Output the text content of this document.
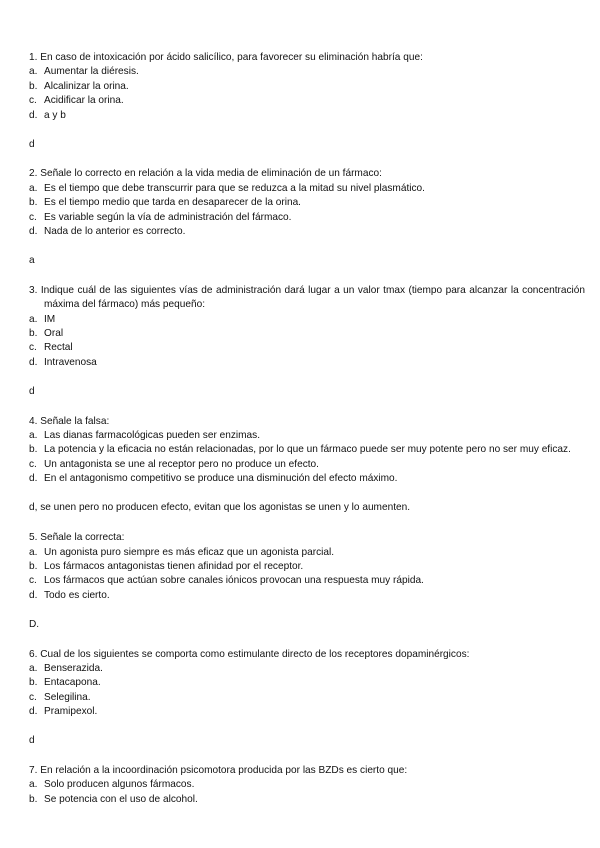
1. En caso de intoxicación por ácido salicílico, para favorecer su eliminación habría que:
a. Aumentar la diéresis.
b. Alcalinizar la orina.
c. Acidificar la orina.
d. a y b
d
2. Señale lo correcto en relación a la vida media de eliminación de un fármaco:
a. Es el tiempo que debe transcurrir para que se reduzca a la mitad su nivel plasmático.
b. Es el tiempo medio que tarda en desaparecer de la orina.
c. Es variable según la vía de administración del fármaco.
d. Nada de lo anterior es correcto.
a
3. Indique cuál de las siguientes vías de administración dará lugar a un valor tmax (tiempo para alcanzar la concentración máxima del fármaco) más pequeño:
a. IM
b. Oral
c. Rectal
d. Intravenosa
d
4. Señale la falsa:
a. Las dianas farmacológicas pueden ser enzimas.
b. La potencia y la eficacia no están relacionadas, por lo que un fármaco puede ser muy potente pero no ser muy eficaz.
c. Un antagonista se une al receptor pero no produce un efecto.
d. En el antagonismo competitivo se produce una disminución del efecto máximo.
d, se unen pero no producen efecto, evitan que los agonistas se unen y lo aumenten.
5. Señale la correcta:
a. Un agonista puro siempre es más eficaz que un agonista parcial.
b. Los fármacos antagonistas tienen afinidad por el receptor.
c. Los fármacos que actúan sobre canales iónicos provocan una respuesta muy rápida.
d. Todo es cierto.
D.
6. Cual de los siguientes se comporta como estimulante directo de los receptores dopaminérgicos:
a. Benserazida.
b. Entacapona.
c. Selegilina.
d. Pramipexol.
d
7. En relación a la incoordinación psicomotora producida por las BZDs es cierto que:
a. Solo producen algunos fármacos.
b. Se potencia con el uso de alcohol.
